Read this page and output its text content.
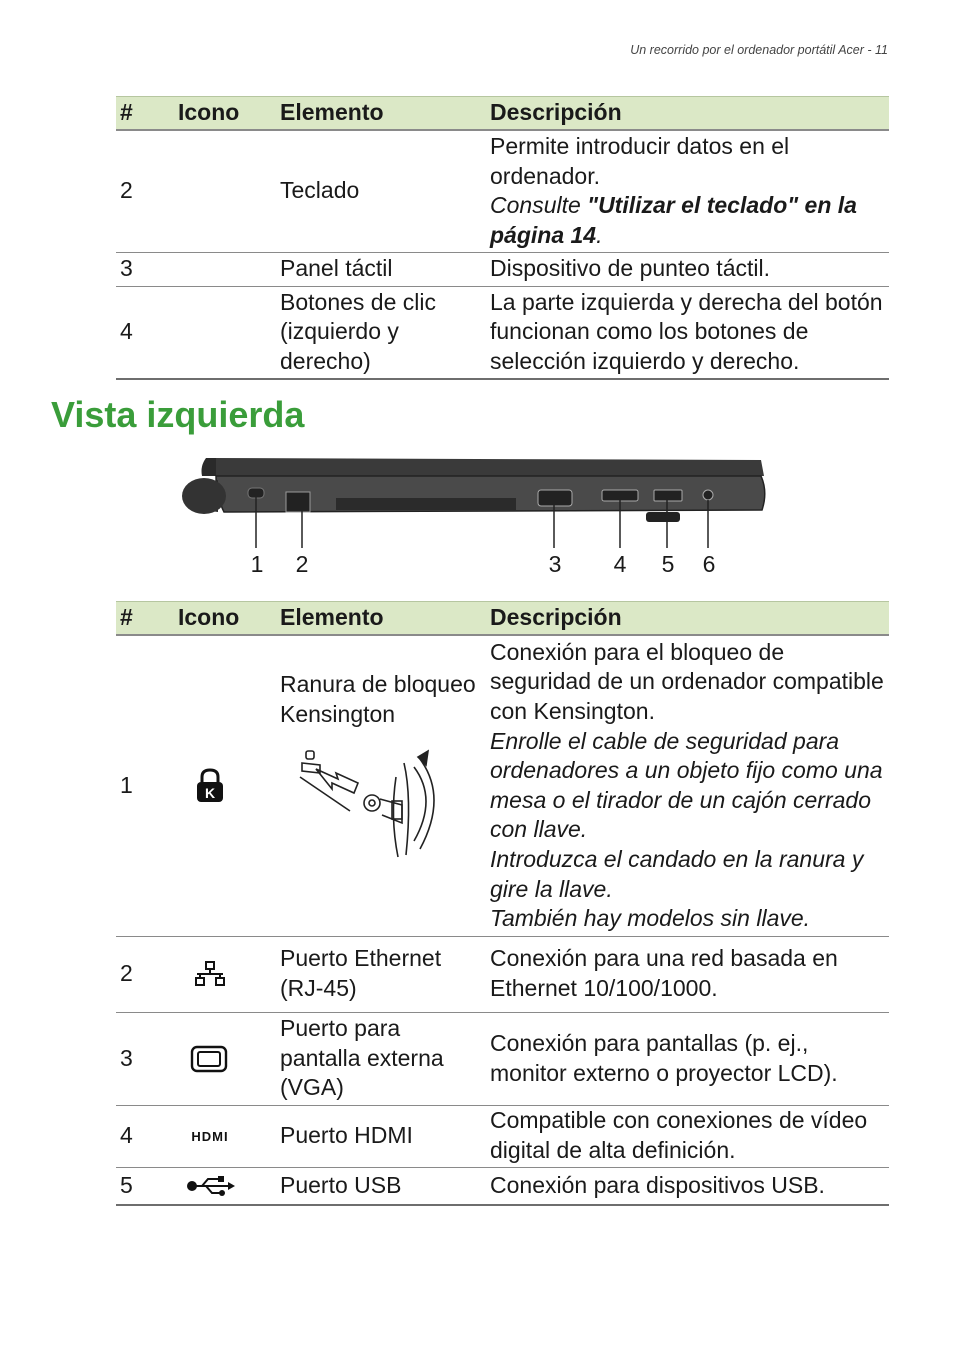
Un recorrido por el ordenador portátil Acer - 11
#	Icono	Elemento	Descripción
2		Teclado	Permite introducir datos en el ordenador.
Consulte "Utilizar el teclado" en la página 14.

3		Panel táctil	Dispositivo de punteo táctil.
4		Botones de clic (izquierdo y derecho)	La parte izquierda y derecha del botón funcionan como los botones de selección izquierdo y derecho.
Vista izquierda
1 2	3 4 5 6
#	Icono	Elemento	Descripción
1	K	Ranura de bloqueo Kensington	Conexión para el bloqueo de seguridad de un ordenador compatible con Kensington.
Enrolle el cable de seguridad para ordenadores a un objeto fijo como una mesa o el tirador de un cajón cerrado con llave.
Introduzca el candado en la ranura y gire la llave.
También hay modelos sin llave.

2		Puerto Ethernet (RJ-45)	Conexión para una red basada en Ethernet 10/100/1000.
3		Puerto para pantalla externa (VGA)	Conexión para pantallas (p. ej., monitor externo o proyector LCD).
4	HDMI	Puerto HDMI	Compatible con conexiones de vídeo digital de alta definición.
5		Puerto USB	Conexión para dispositivos USB.
